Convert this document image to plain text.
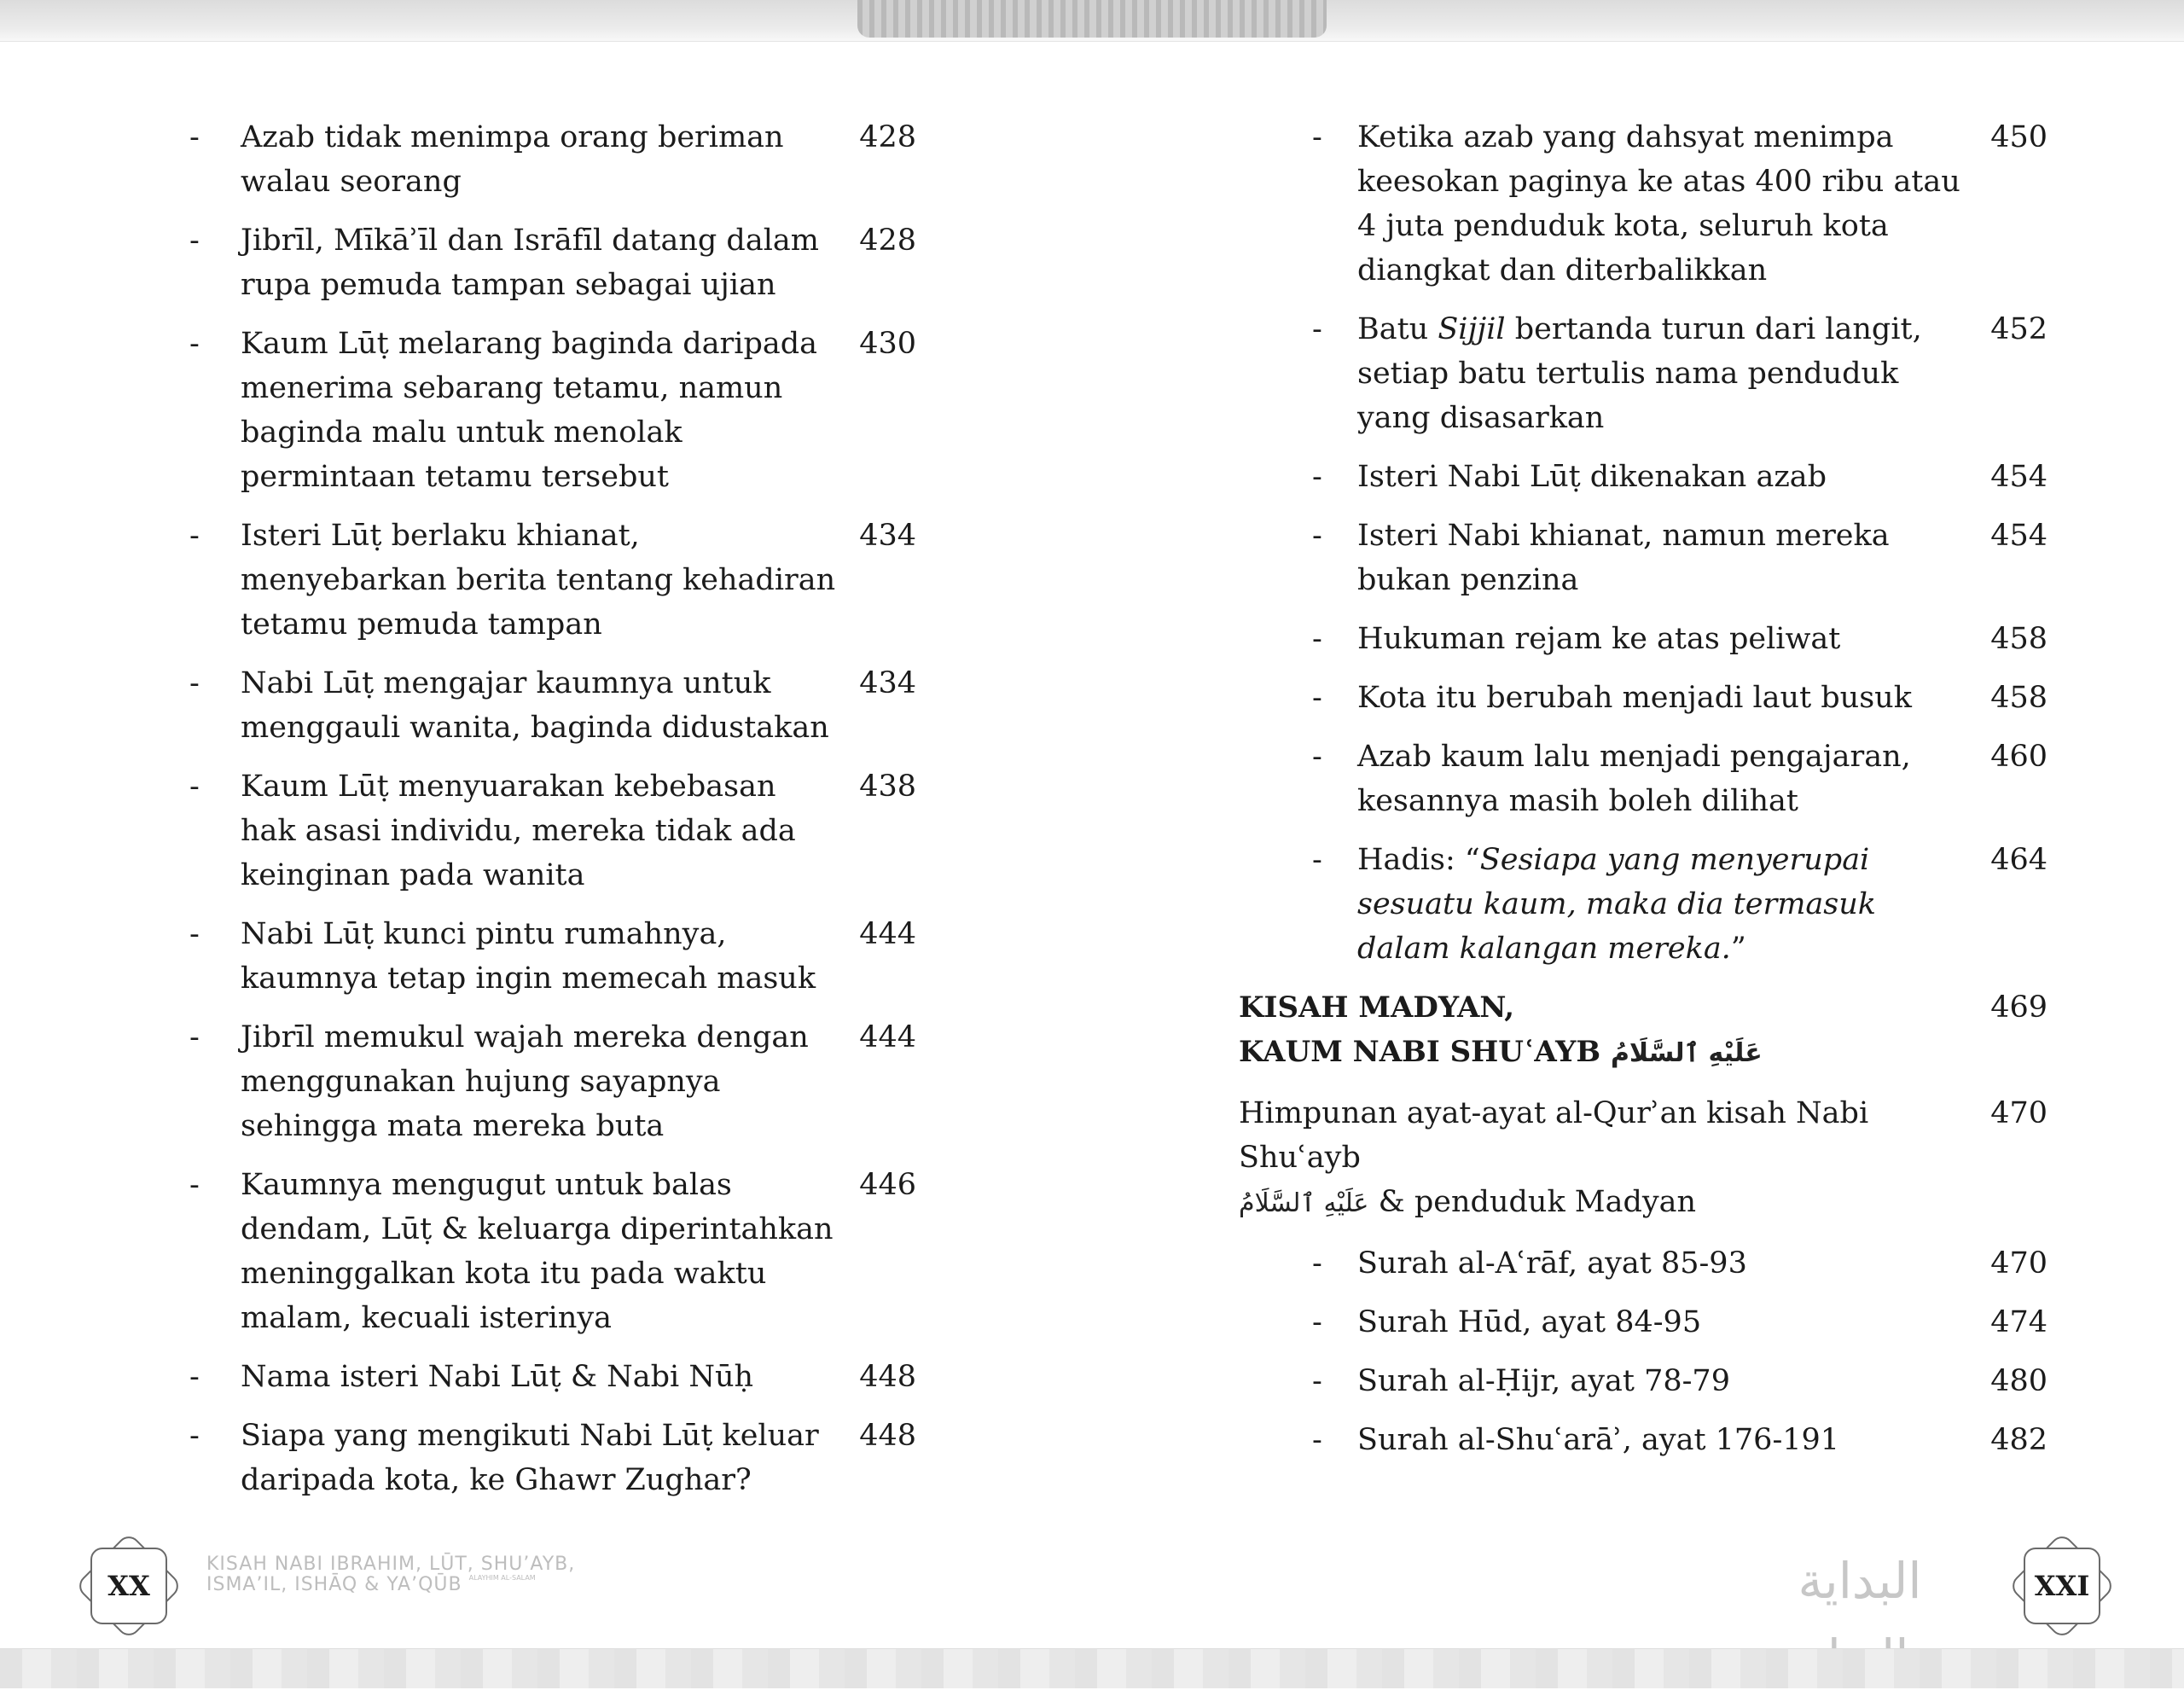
-	Azab tidak menimpa orang beriman walau seorang
428
-	Jibrīl, Mīkāʾīl dan Isrāfīl datang dalam rupa pemuda tampan sebagai ujian
428
-	Kaum Lūṭ melarang baginda daripada menerima sebarang tetamu, namun baginda malu untuk menolak permintaan tetamu tersebut
430
-	Isteri Lūṭ berlaku khianat, menyebarkan berita tentang kehadiran tetamu pemuda tampan
434
-	Nabi Lūṭ mengajar kaumnya untuk menggauli wanita, baginda didustakan
434
-	Kaum Lūṭ menyuarakan kebebasan hak asasi individu, mereka tidak ada keinginan pada wanita
438
-	Nabi Lūṭ kunci pintu rumahnya, kaumnya tetap ingin memecah masuk
444
-	Jibrīl memukul wajah mereka dengan menggunakan hujung sayapnya sehingga mata mereka buta
444
-	Kaumnya mengugut untuk balas dendam, Lūṭ & keluarga diperintahkan meninggalkan kota itu pada waktu malam, kecuali isterinya
446
-	Nama isteri Nabi Lūṭ & Nabi Nūḥ	448
-	Siapa yang mengikuti Nabi Lūṭ keluar daripada kota, ke Ghawr Zughar?
448
-	Ketika azab yang dahsyat menimpa keesokan paginya ke atas 400 ribu atau 4 juta penduduk kota, seluruh kota diangkat dan diterbalikkan
450
-	Batu Sijjil bertanda turun dari langit, setiap batu tertulis nama penduduk yang disasarkan
452
-	Isteri Nabi Lūṭ dikenakan azab	454
-	Isteri Nabi khianat, namun mereka bukan penzina
454
-	Hukuman rejam ke atas peliwat	458
-	Kota itu berubah menjadi laut busuk	458
-	Azab kaum lalu menjadi pengajaran, kesannya masih boleh dilihat
460
-	Hadis: “Sesiapa yang menyerupai sesuatu kaum, maka dia termasuk dalam kalangan mereka.”
464
KISAH MADYAN,
KAUM NABI SHUʿAYB عَلَيْهِ ٱلسَّلَامُ
469
Himpunan ayat-ayat al-Qurʾan kisah Nabi Shuʿayb
عَلَيْهِ ٱلسَّلَامُ & penduduk Madyan
470
-	Surah al-Aʿrāf, ayat 85-93	470
-	Surah Hūd, ayat 84-95	474
-	Surah al-Ḥijr, ayat 78-79	480
-	Surah al-Shuʿarāʾ, ayat 176-191	482
XX
KISAH NABI IBRAHIM, LŪT, SHU’AYB,
ISMA’IL, ISHĀQ & YA’QŪB $^{ALAYHIM AL-SALAM}$	البداية	XXI
